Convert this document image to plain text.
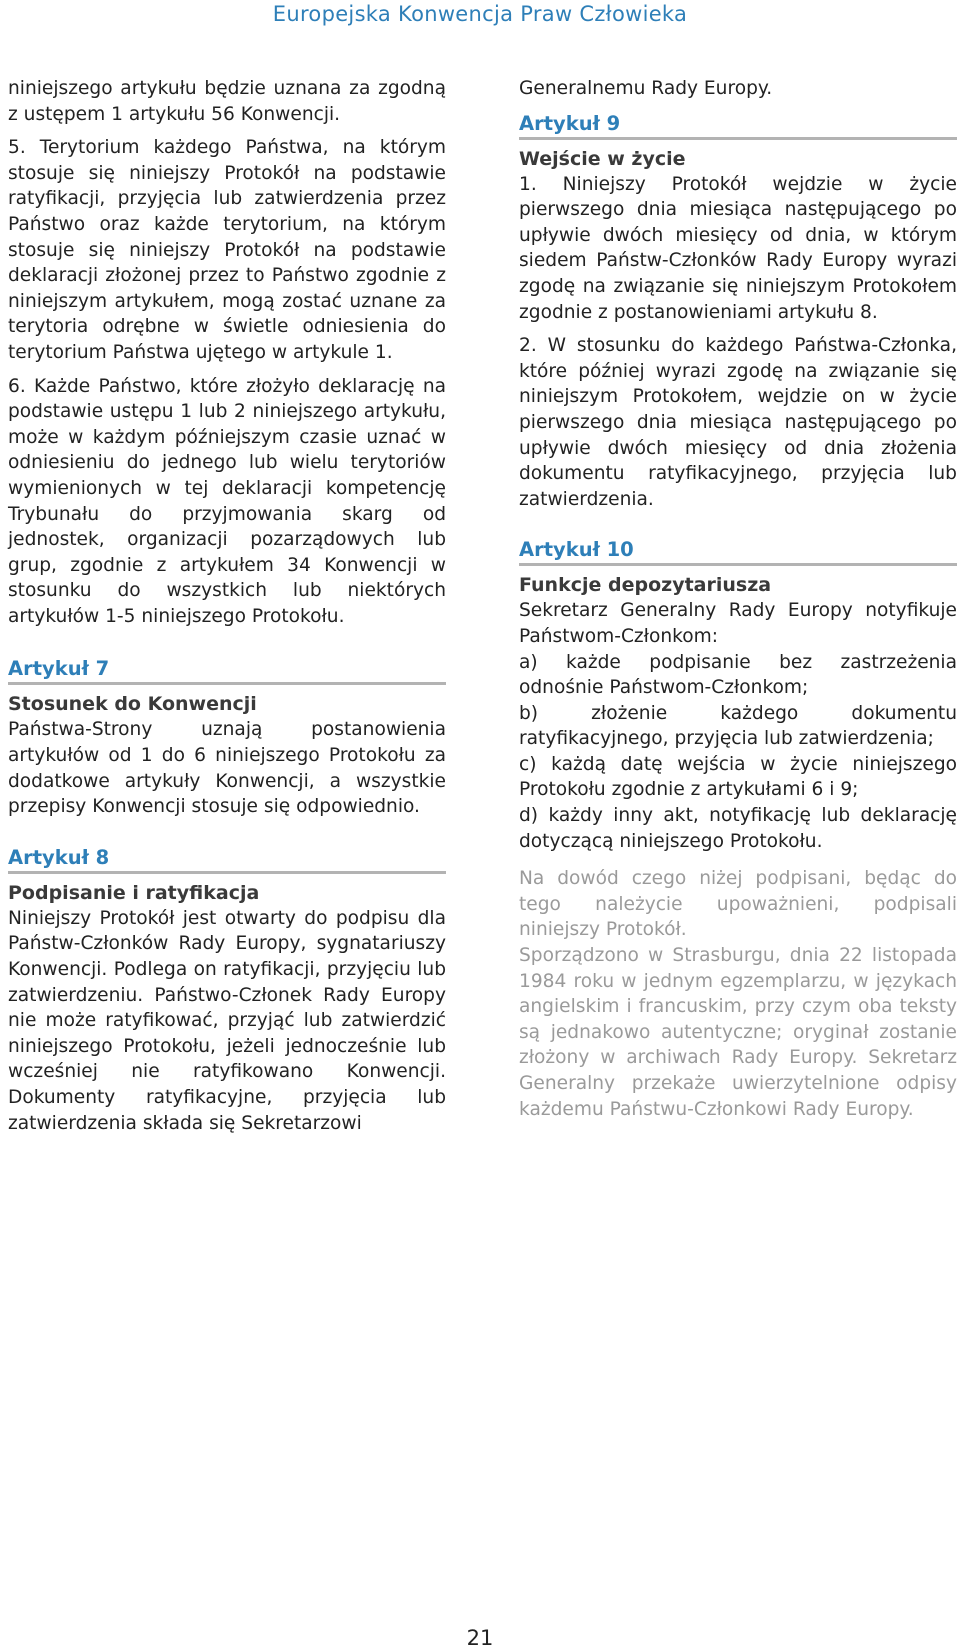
Europejska Konwencja Praw Człowieka

niniejszego artykułu będzie uznana za zgodną z ustępem 1 artykułu 56 Konwencji.

5. Terytorium każdego Państwa, na którym stosuje się niniejszy Protokół na podstawie ratyfikacji, przyjęcia lub zatwierdzenia przez Państwo oraz każde terytorium, na którym stosuje się niniejszy Protokół na podstawie deklaracji złożonej przez to Państwo zgodnie z niniejszym artykułem, mogą zostać uznane za terytoria odrębne w świetle odniesienia do terytorium Państwa ujętego w artykule 1.

6. Każde Państwo, które złożyło deklarację na podstawie ustępu 1 lub 2 niniejszego artykułu, może w każdym późniejszym czasie uznać w odniesieniu do jednego lub wielu terytoriów wymienionych w tej deklaracji kompetencję Trybunału do przyjmowania skarg od jednostek, organizacji pozarządowych lub grup, zgodnie z artykułem 34 Konwencji w stosunku do wszystkich lub niektórych artykułów 1-5 niniejszego Protokołu.

Artykuł 7
Stosunek do Konwencji

Państwa-Strony uznają postanowienia artykułów od 1 do 6 niniejszego Protokołu za dodatkowe artykuły Konwencji, a wszystkie przepisy Konwencji stosuje się odpowiednio.

Artykuł 8
Podpisanie i ratyfikacja

Niniejszy Protokół jest otwarty do podpisu dla Państw-Członków Rady Europy, sygnatariuszy Konwencji. Podlega on ratyfikacji, przyjęciu lub zatwierdzeniu. Państwo-Członek Rady Europy nie może ratyfikować, przyjąć lub zatwierdzić niniejszego Protokołu, jeżeli jednocześnie lub wcześniej nie ratyfikowano Konwencji. Dokumenty ratyfikacyjne, przyjęcia lub zatwierdzenia składa się Sekretarzowi

Generalnemu Rady Europy.

Artykuł 9
Wejście w życie

1. Niniejszy Protokół wejdzie w życie pierwszego dnia miesiąca następującego po upływie dwóch miesięcy od dnia, w którym siedem Państw-Członków Rady Europy wyrazi zgodę na związanie się niniejszym Protokołem zgodnie z postanowieniami artykułu 8.

2. W stosunku do każdego Państwa-Członka, które później wyrazi zgodę na związanie się niniejszym Protokołem, wejdzie on w życie pierwszego dnia miesiąca następującego po upływie dwóch miesięcy od dnia złożenia dokumentu ratyfikacyjnego, przyjęcia lub zatwierdzenia.

Artykuł 10
Funkcje depozytariusza

Sekretarz Generalny Rady Europy notyfikuje Państwom-Członkom:

a) każde podpisanie bez zastrzeżenia odnośnie Państwom-Członkom;

b) złożenie każdego dokumentu ratyfikacyjnego, przyjęcia lub zatwierdzenia;

c) każdą datę wejścia w życie niniejszego Protokołu zgodnie z artykułami 6 i 9;

d) każdy inny akt, notyfikację lub deklarację dotyczącą niniejszego Protokołu.

Na dowód czego niżej podpisani, będąc do tego należycie upoważnieni, podpisali niniejszy Protokół.

Sporządzono w Strasburgu, dnia 22 listopada 1984 roku w jednym egzemplarzu, w językach angielskim i francuskim, przy czym oba teksty są jednakowo autentyczne; oryginał zostanie złożony w archiwach Rady Europy. Sekretarz Generalny przekaże uwierzytelnione odpisy każdemu Państwu-Członkowi Rady Europy.

21
